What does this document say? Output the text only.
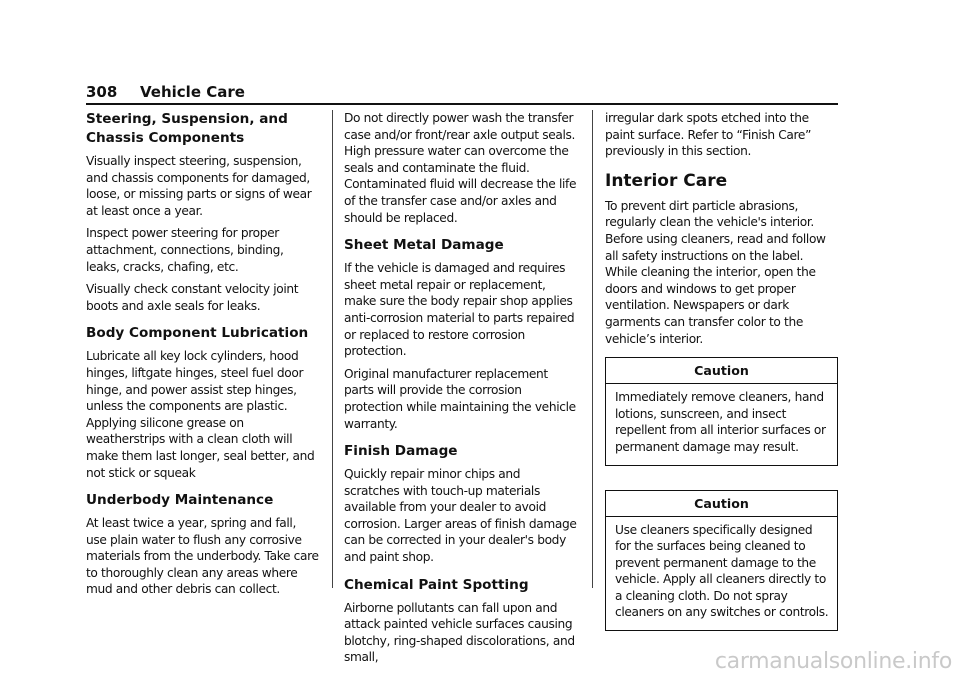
308 Vehicle Care
Steering, Suspension, and Chassis Components

Visually inspect steering, suspension, and chassis components for damaged, loose, or missing parts or signs of wear at least once a year.

Inspect power steering for proper attachment, connections, binding, leaks, cracks, chafing, etc.

Visually check constant velocity joint boots and axle seals for leaks.

Body Component Lubrication

Lubricate all key lock cylinders, hood hinges, liftgate hinges, steel fuel door hinge, and power assist step hinges, unless the components are plastic. Applying silicone grease on weatherstrips with a clean cloth will make them last longer, seal better, and not stick or squeak

Underbody Maintenance

At least twice a year, spring and fall, use plain water to flush any corrosive materials from the underbody. Take care to thoroughly clean any areas where mud and other debris can collect.

Do not directly power wash the transfer case and/or front/rear axle output seals. High pressure water can overcome the seals and contaminate the fluid. Contaminated fluid will decrease the life of the transfer case and/or axles and should be replaced.

Sheet Metal Damage

If the vehicle is damaged and requires sheet metal repair or replacement, make sure the body repair shop applies anti-corrosion material to parts repaired or replaced to restore corrosion protection.

Original manufacturer replacement parts will provide the corrosion protection while maintaining the vehicle warranty.

Finish Damage

Quickly repair minor chips and scratches with touch-up materials available from your dealer to avoid corrosion. Larger areas of finish damage can be corrected in your dealer's body and paint shop.

Chemical Paint Spotting

Airborne pollutants can fall upon and attack painted vehicle surfaces causing blotchy, ring-shaped discolorations, and small,

irregular dark spots etched into the paint surface. Refer to “Finish Care” previously in this section.

Interior Care

To prevent dirt particle abrasions, regularly clean the vehicle's interior. Before using cleaners, read and follow all safety instructions on the label. While cleaning the interior, open the doors and windows to get proper ventilation. Newspapers or dark garments can transfer color to the vehicle’s interior.

Caution
Immediately remove cleaners, hand lotions, sunscreen, and insect repellent from all interior surfaces or permanent damage may result.
Caution
Use cleaners specifically designed for the surfaces being cleaned to prevent permanent damage to the vehicle. Apply all cleaners directly to a cleaning cloth. Do not spray cleaners on any switches or controls.
carmanualsonline.info
